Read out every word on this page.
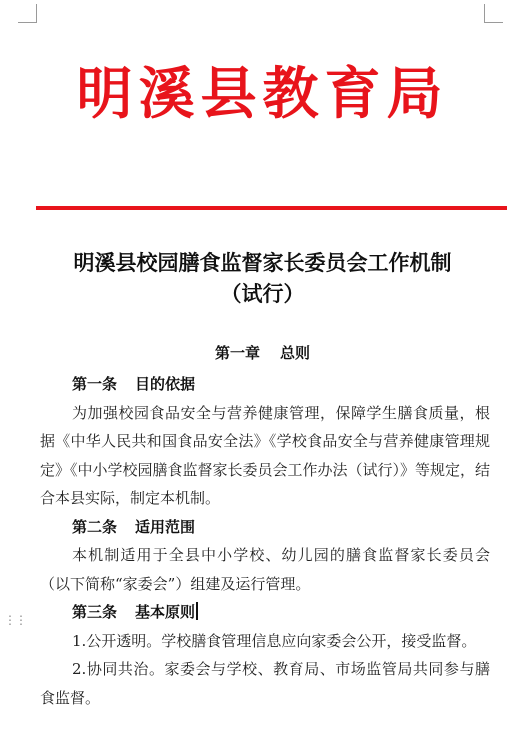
明溪县教育局
明溪县校园膳食监督家长委员会工作机制
（试行）
第一章 总则

第一条 目的依据

为加强校园食品安全与营养健康管理，保障学生膳食质量，根据《中华人民共和国食品安全法》《学校食品安全与营养健康管理规定》《中小学校园膳食监督家长委员会工作办法（试行）》等规定，结合本县实际，制定本机制。

第二条 适用范围

本机制适用于全县中小学校、幼儿园的膳食监督家长委员会（以下简称“家委会”）组建及运行管理。

第三条 基本原则

1.公开透明。学校膳食管理信息应向家委会公开，接受监督。

2.协同共治。家委会与学校、教育局、市场监管局共同参与膳食监督。

⋮⋮
